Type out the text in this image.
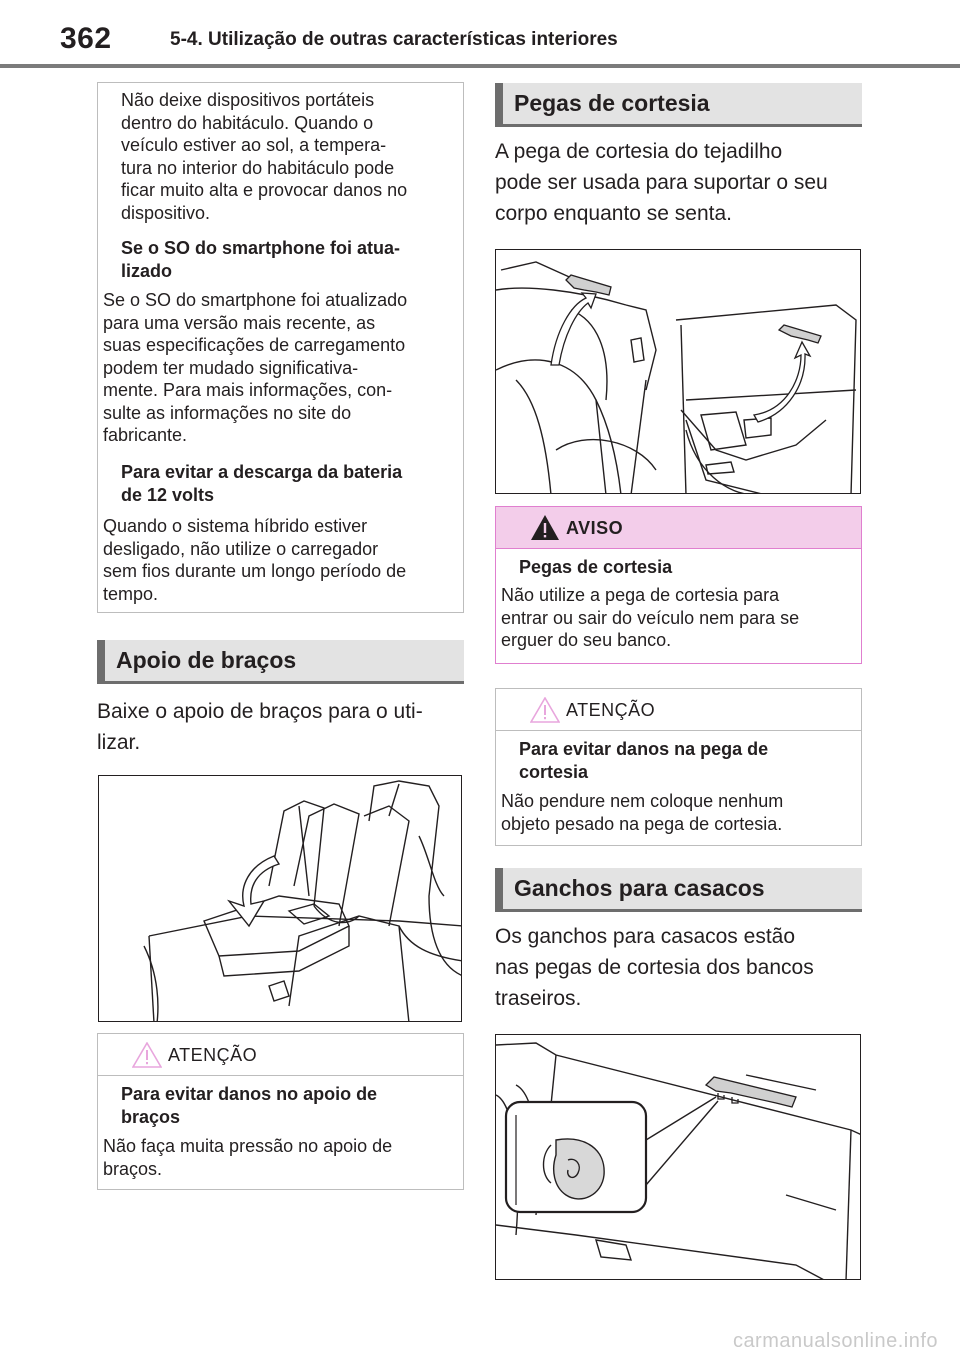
362	5-4. Utilização de outras características interiores
Não deixe dispositivos portáteis
dentro do habitáculo. Quando o
veículo estiver ao sol, a tempera-
tura no interior do habitáculo pode
ficar muito alta e provocar danos no
dispositivo.
Se o SO do smartphone foi atua-
lizado
Se o SO do smartphone foi atualizado
para uma versão mais recente, as
suas especificações de carregamento
podem ter mudado significativa-
mente. Para mais informações, con-
sulte as informações no site do
fabricante.
Para evitar a descarga da bateria
de 12 volts
Quando o sistema híbrido estiver
desligado, não utilize o carregador
sem fios durante um longo período de
tempo.
Apoio de braços
Baixe o apoio de braços para o uti-
lizar.
ATENÇÃO
Para evitar danos no apoio de
braços
Não faça muita pressão no apoio de
braços.
Pegas de cortesia
A pega de cortesia do tejadilho
pode ser usada para suportar o seu
corpo enquanto se senta.
AVISO
Pegas de cortesia
Não utilize a pega de cortesia para
entrar ou sair do veículo nem para se
erguer do seu banco.
ATENÇÃO
Para evitar danos na pega de
cortesia
Não pendure nem coloque nenhum
objeto pesado na pega de cortesia.
Ganchos para casacos
Os ganchos para casacos estão
nas pegas de cortesia dos bancos
traseiros.
carmanualsonline.info
